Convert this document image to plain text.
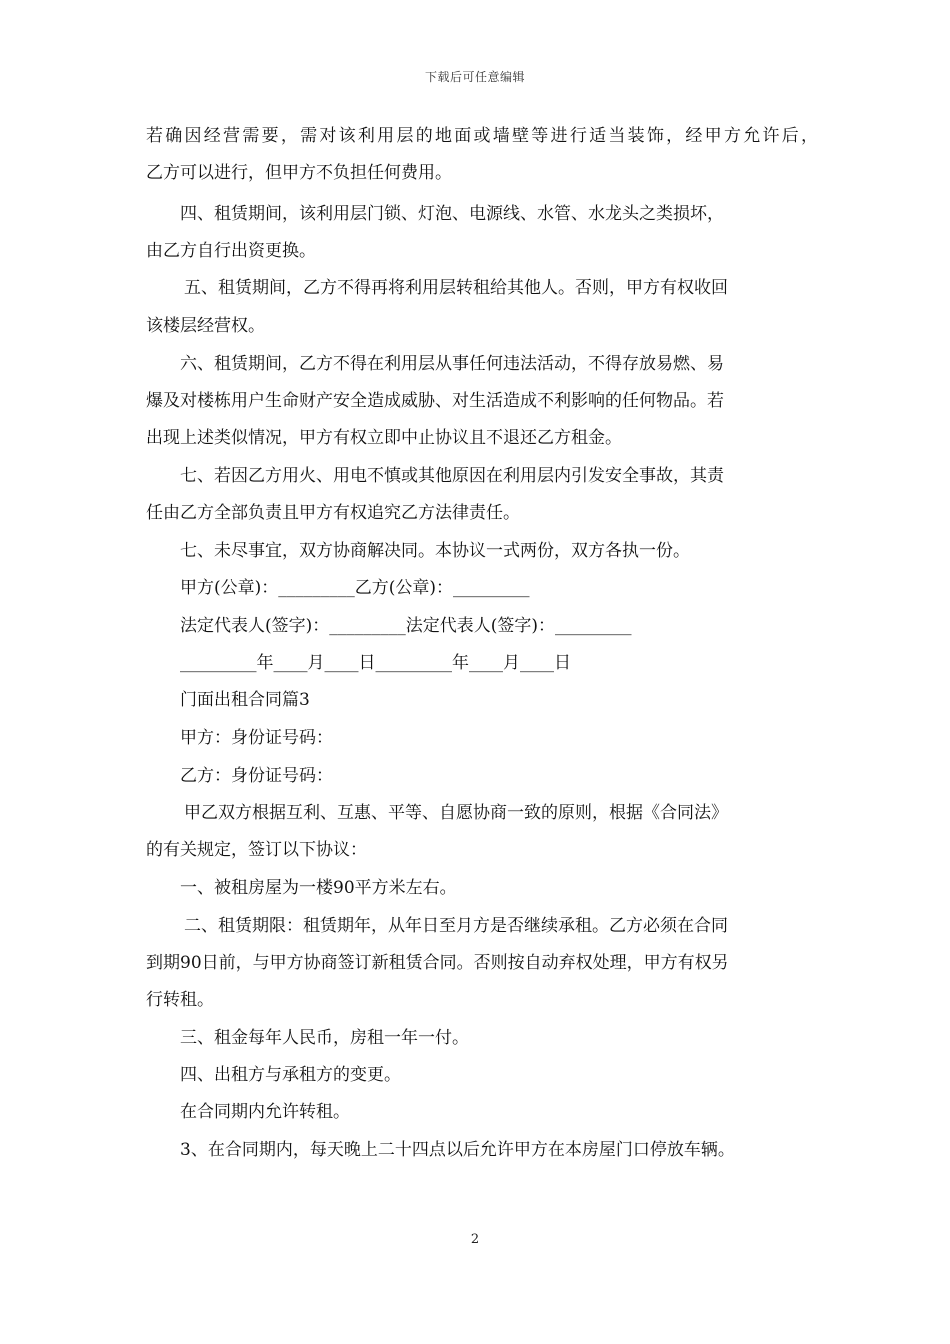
下载后可任意编辑
若确因经营需要，需对该利用层的地面或墙壁等进行适当装饰，经甲方允许后，
乙方可以进行，但甲方不负担任何费用。
四、租赁期间，该利用层门锁、灯泡、电源线、水管、水龙头之类损坏，
由乙方自行出资更换。
五、租赁期间，乙方不得再将利用层转租给其他人。否则，甲方有权收回
该楼层经营权。
六、租赁期间，乙方不得在利用层从事任何违法活动，不得存放易燃、易
爆及对楼栋用户生命财产安全造成威胁、对生活造成不利影响的任何物品。若
出现上述类似情况，甲方有权立即中止协议且不退还乙方租金。
七、若因乙方用火、用电不慎或其他原因在利用层内引发安全事故，其责
任由乙方全部负责且甲方有权追究乙方法律责任。
七、未尽事宜，双方协商解决同。本协议一式两份，双方各执一份。
甲方(公章)：_________乙方(公章)：_________
法定代表人(签字)：_________法定代表人(签字)：_________
_________年____月____日_________年____月____日
门面出租合同篇3
甲方：身份证号码：
乙方：身份证号码：
甲乙双方根据互利、互惠、平等、自愿协商一致的原则，根据《合同法》
的有关规定，签订以下协议：
一、被租房屋为一楼90平方米左右。
二、租赁期限：租赁期年，从年日至月方是否继续承租。乙方必须在合同
到期90日前，与甲方协商签订新租赁合同。否则按自动弃权处理，甲方有权另
行转租。
三、租金每年人民币，房租一年一付。
四、出租方与承租方的变更。
在合同期内允许转租。
3、在合同期内，每天晚上二十四点以后允许甲方在本房屋门口停放车辆。
2
